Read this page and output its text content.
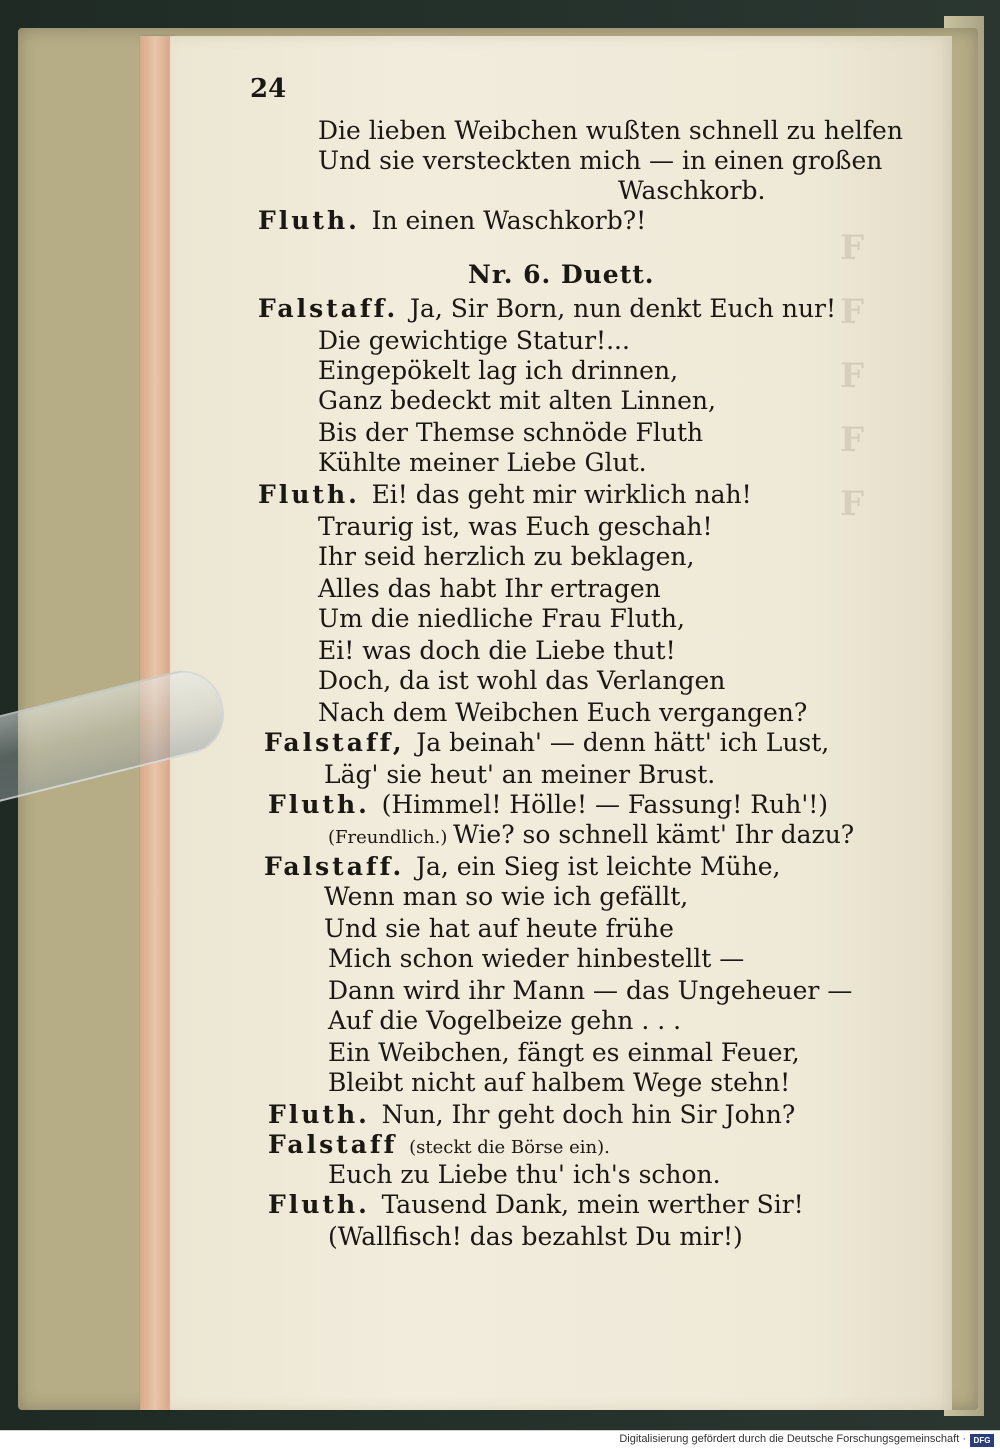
F
F
F
F
F
24
Die lieben Weibchen wußten schnell zu helfen
Und sie versteckten mich — in einen großen
Waschkorb.
Fluth. In einen Waschkorb?!
Nr. 6. Duett.
Falstaff. Ja, Sir Born, nun denkt Euch nur!
Die gewichtige Statur!...
Eingepökelt lag ich drinnen,
Ganz bedeckt mit alten Linnen,
Bis der Themse schnöde Fluth
Kühlte meiner Liebe Glut.
Fluth. Ei! das geht mir wirklich nah!
Traurig ist, was Euch geschah!
Ihr seid herzlich zu beklagen,
Alles das habt Ihr ertragen
Um die niedliche Frau Fluth,
Ei! was doch die Liebe thut!
Doch, da ist wohl das Verlangen
Nach dem Weibchen Euch vergangen?
Falstaff, Ja beinah' — denn hätt' ich Lust,
Läg' sie heut' an meiner Brust.
Fluth. (Himmel! Hölle! — Fassung! Ruh'!)
(Freundlich.) Wie? so schnell kämt' Ihr dazu?
Falstaff. Ja, ein Sieg ist leichte Mühe,
Wenn man so wie ich gefällt,
Und sie hat auf heute frühe
Mich schon wieder hinbestellt —
Dann wird ihr Mann — das Ungeheuer —
Auf die Vogelbeize gehn . . .
Ein Weibchen, fängt es einmal Feuer,
Bleibt nicht auf halbem Wege stehn!
Fluth. Nun, Ihr geht doch hin Sir John?
Falstaff (steckt die Börse ein).
Euch zu Liebe thu' ich's schon.
Fluth. Tausend Dank, mein werther Sir!
(Wallfisch! das bezahlst Du mir!)
Digitalisierung gefördert durch die Deutsche Forschungsgemeinschaft · DFG
